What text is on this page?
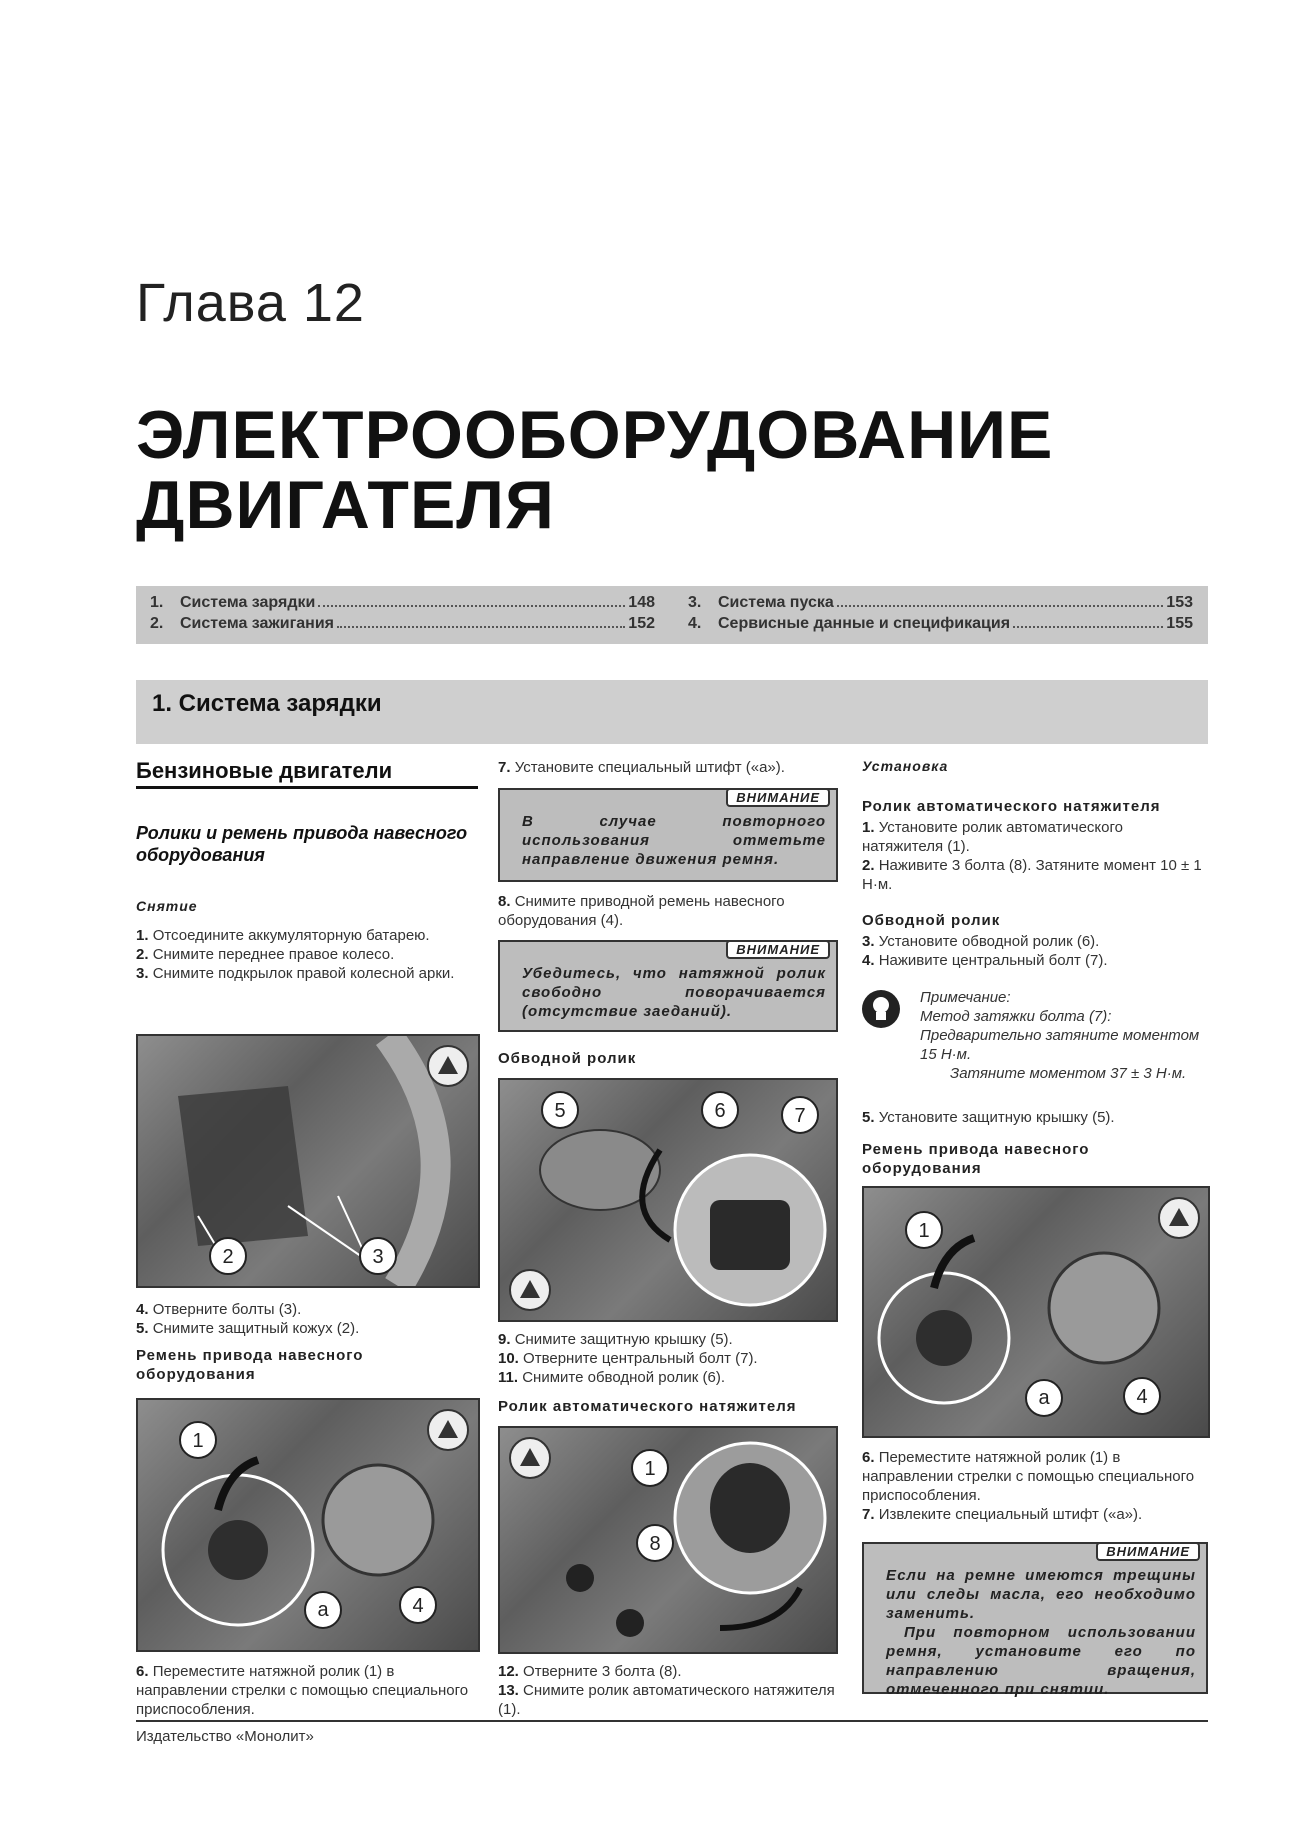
Глава 12
ЭЛЕКТРООБОРУДОВАНИЕ
ДВИГАТЕЛЯ
1.	Система зарядки	148
2.	Система зажигания	152
3.	Система пуска	153
4.	Сервисные данные и спецификация	155
1. Система зарядки
Бензиновые двигатели
Ролики и ремень привода навесного оборудования
Снятие
1. Отсоедините аккумуляторную батарею.
2. Снимите переднее правое колесо.
3. Снимите подкрылок правой колесной арки.
2	3
4. Отверните болты (3).
5. Снимите защитный кожух (2).
Ремень привода навесного оборудования
1
a	4
6. Переместите натяжной ролик (1) в направлении стрелки с помощью специального приспособления.
7. Установите специальный штифт («а»).
ВНИМАНИЕ
В случае повторного использования отметьте направление движения ремня.
8. Снимите приводной ремень навесного оборудования (4).
ВНИМАНИЕ
Убедитесь, что натяжной ролик свободно поворачивается (отсутствие заеданий).
Обводной ролик
5	6	7
9. Снимите защитную крышку (5).
10. Отверните центральный болт (7).
11. Снимите обводной ролик (6).
Ролик автоматического натяжителя
1
8
12. Отверните 3 болта (8).
13. Снимите ролик автоматического натяжителя (1).
Установка
Ролик автоматического натяжителя
1. Установите ролик автоматического натяжителя (1).
2. Наживите 3 болта (8). Затяните момент 10 ± 1 Н·м.
Обводной ролик
3. Установите обводной ролик (6).
4. Наживите центральный болт (7).
Примечание:
Метод затяжки болта (7):
Предварительно затяните моментом 15 Н·м.
Затяните моментом 37 ± 3 Н·м.
5. Установите защитную крышку (5).
Ремень привода навесного оборудования
1
a	4
6. Переместите натяжной ролик (1) в направлении стрелки с помощью специального приспособления.
7. Извлеките специальный штифт («а»).
ВНИМАНИЕ
Если на ремне имеются трещины или следы масла, его необходимо заменить.
При повторном использовании ремня, установите его по направлению вращения, отмеченного при снятии.
Издательство «Монолит»
